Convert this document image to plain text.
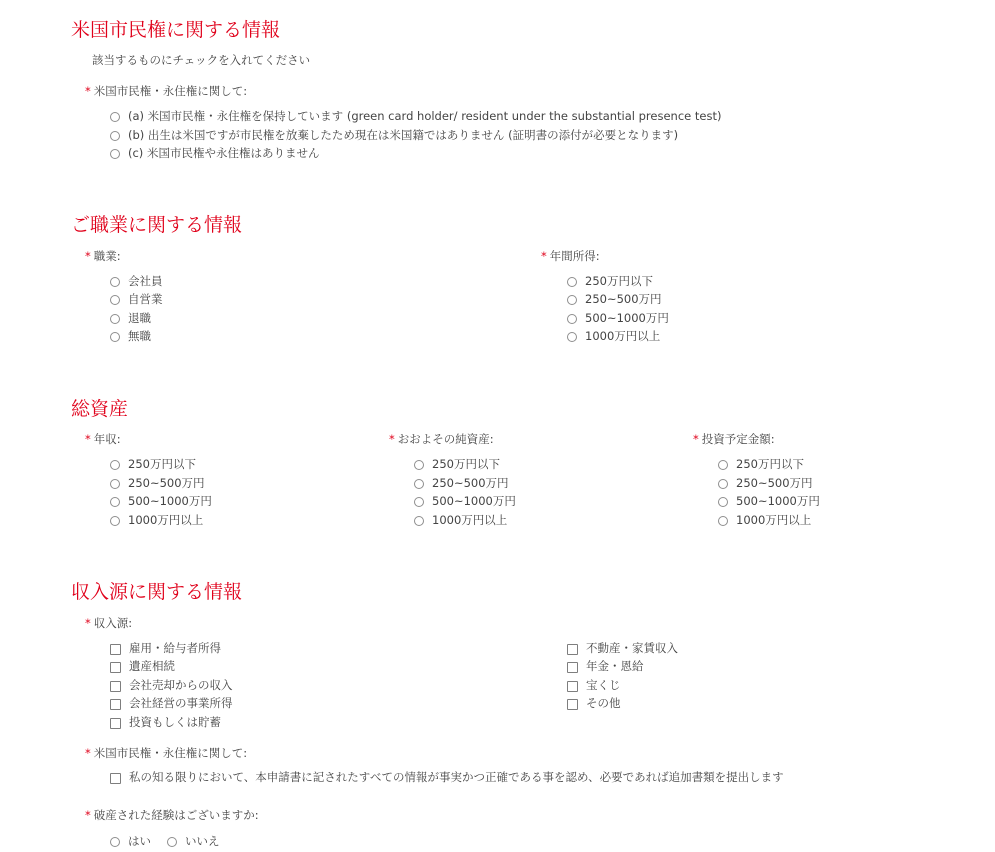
米国市民権に関する情報
該当するものにチェックを入れてください
* 米国市民権・永住権に関して:
(a) 米国市民権・永住権を保持しています (green card holder/ resident under the substantial presence test)
(b) 出生は米国ですが市民権を放棄したため現在は米国籍ではありません (証明書の添付が必要となります)
(c) 米国市民権や永住権はありません
ご職業に関する情報
* 職業:
会社員
自営業
退職
無職
* 年間所得:
250万円以下
250~500万円
500~1000万円
1000万円以上
総資産
* 年収:
250万円以下
250~500万円
500~1000万円
1000万円以上
* おおよその純資産:
250万円以下
250~500万円
500~1000万円
1000万円以上
* 投資予定金額:
250万円以下
250~500万円
500~1000万円
1000万円以上
収入源に関する情報
* 収入源:
雇用・給与者所得
遺産相続
会社売却からの収入
会社経営の事業所得
投資もしくは貯蓄
不動産・家賃収入
年金・恩給
宝くじ
その他
* 米国市民権・永住権に関して:
私の知る限りにおいて、本申請書に記されたすべての情報が事実かつ正確である事を認め、必要であれば追加書類を提出します
* 破産された経験はございますか:
はい	いいえ
